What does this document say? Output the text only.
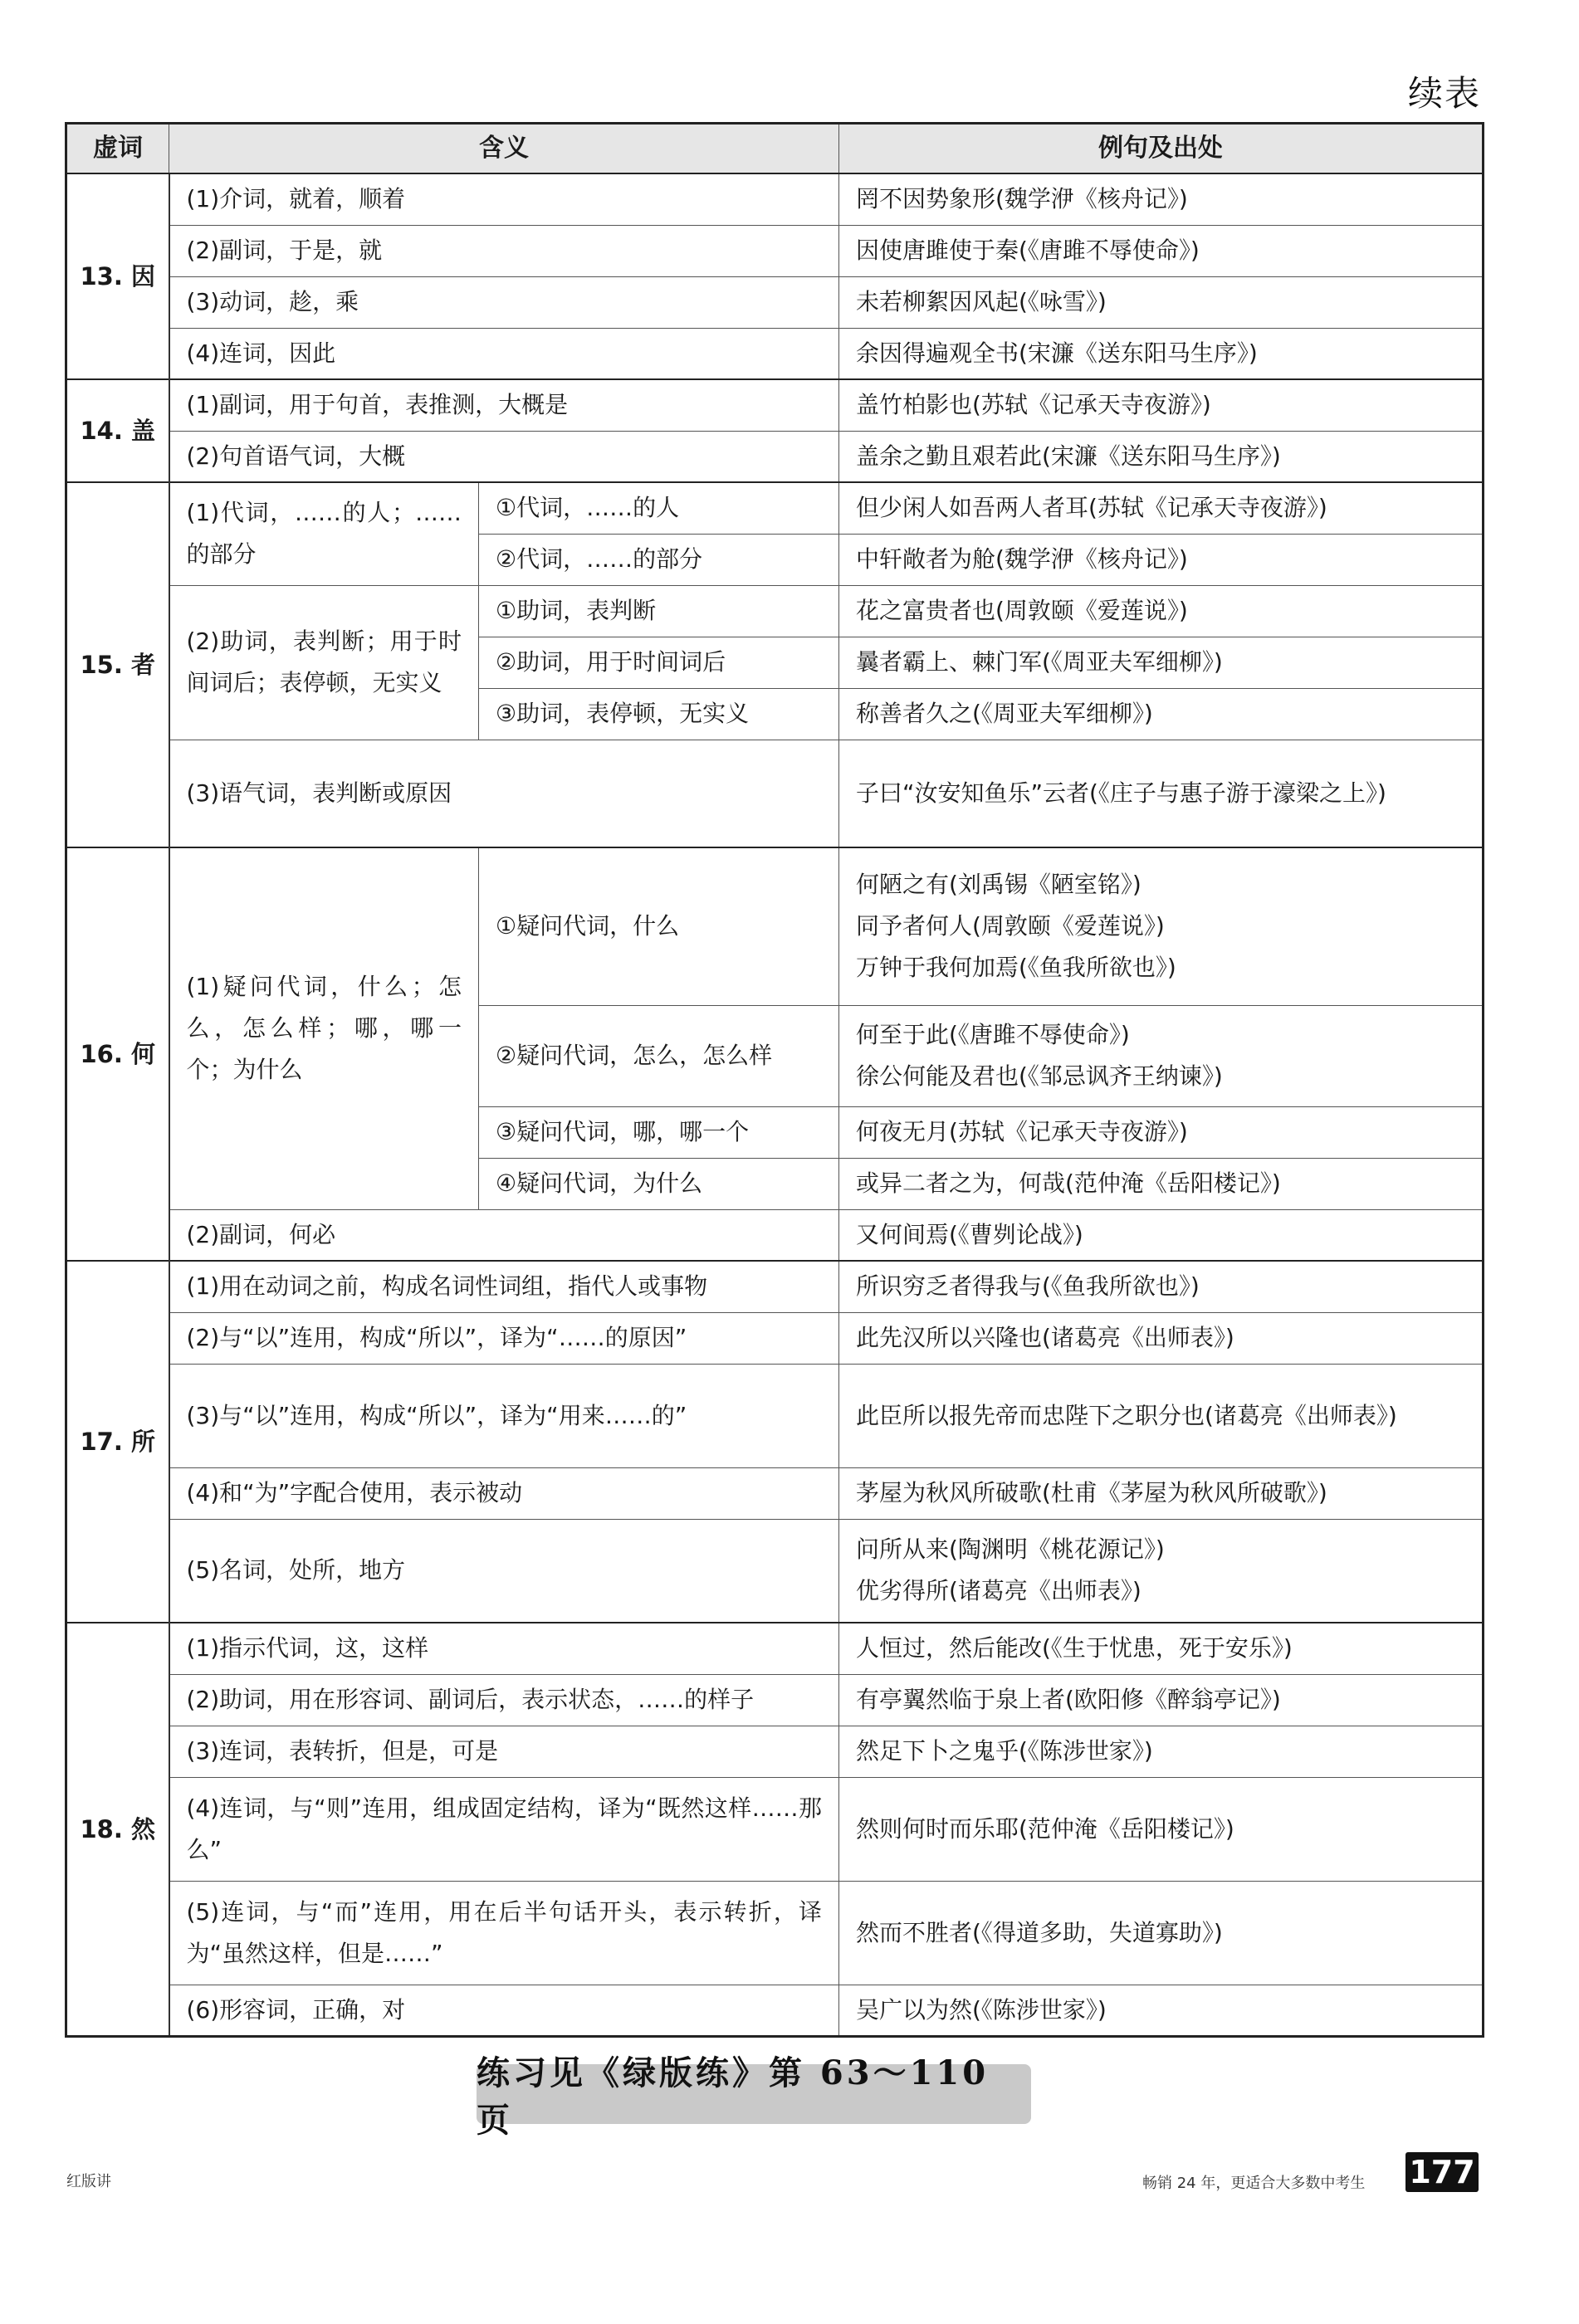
续表
虚词	含义		例句及出处
13. 因	(1)介词，就着，顺着		罔不因势象形(魏学洢《核舟记》)
	(2)副词，于是，就		因使唐雎使于秦(《唐雎不辱使命》)
	(3)动词，趁，乘		未若柳絮因风起(《咏雪》)
	(4)连词，因此		余因得遍观全书(宋濂《送东阳马生序》)
14. 盖	(1)副词，用于句首，表推测，大概是		盖竹柏影也(苏轼《记承天寺夜游》)
	(2)句首语气词，大概		盖余之勤且艰若此(宋濂《送东阳马生序》)
15. 者	(1)代词，……的人；……的部分	①代词，……的人	但少闲人如吾两人者耳(苏轼《记承天寺夜游》)
		②代词，……的部分	中轩敞者为舱(魏学洢《核舟记》)
	(2)助词，表判断；用于时间词后；表停顿，无实义	①助词，表判断	花之富贵者也(周敦颐《爱莲说》)
		②助词，用于时间词后	曩者霸上、棘门军(《周亚夫军细柳》)
		③助词，表停顿，无实义	称善者久之(《周亚夫军细柳》)
	(3)语气词，表判断或原因		子曰“汝安知鱼乐”云者(《庄子与惠子游于濠梁之上》)
16. 何	(1)疑问代词，什么；怎么，怎么样；哪，哪一个；为什么	①疑问代词，什么	何陋之有(刘禹锡《陋室铭》)
同予者何人(周敦颐《爱莲说》)
万钟于我何加焉(《鱼我所欲也》)

		②疑问代词，怎么，怎么样	何至于此(《唐雎不辱使命》)
徐公何能及君也(《邹忌讽齐王纳谏》)

		③疑问代词，哪，哪一个	何夜无月(苏轼《记承天寺夜游》)

		④疑问代词，为什么	或异二者之为，何哉(范仲淹《岳阳楼记》)

	(2)副词，何必		又何间焉(《曹刿论战》)
17. 所	(1)用在动词之前，构成名词性词组，指代人或事物		所识穷乏者得我与(《鱼我所欲也》)
	(2)与“以”连用，构成“所以”，译为“……的原因”		此先汉所以兴隆也(诸葛亮《出师表》)
	(3)与“以”连用，构成“所以”，译为“用来……的”		此臣所以报先帝而忠陛下之职分也(诸葛亮《出师表》)
	(4)和“为”字配合使用，表示被动		茅屋为秋风所破歌(杜甫《茅屋为秋风所破歌》)
	(5)名词，处所，地方		问所从来(陶渊明《桃花源记》)
优劣得所(诸葛亮《出师表》)

18. 然	(1)指示代词，这，这样		人恒过，然后能改(《生于忧患，死于安乐》)
	(2)助词，用在形容词、副词后，表示状态，……的样子		有亭翼然临于泉上者(欧阳修《醉翁亭记》)
	(3)连词，表转折，但是，可是		然足下卜之鬼乎(《陈涉世家》)
	(4)连词，与“则”连用，组成固定结构，译为“既然这样……那么”		然则何时而乐耶(范仲淹《岳阳楼记》)
	(5)连词，与“而”连用，用在后半句话开头，表示转折，译为“虽然这样，但是……”		然而不胜者(《得道多助，失道寡助》)
	(6)形容词，正确，对		吴广以为然(《陈涉世家》)
练习见《绿版练》第 63～110 页
红版讲	畅销 24 年，更适合大多数中考生 177
